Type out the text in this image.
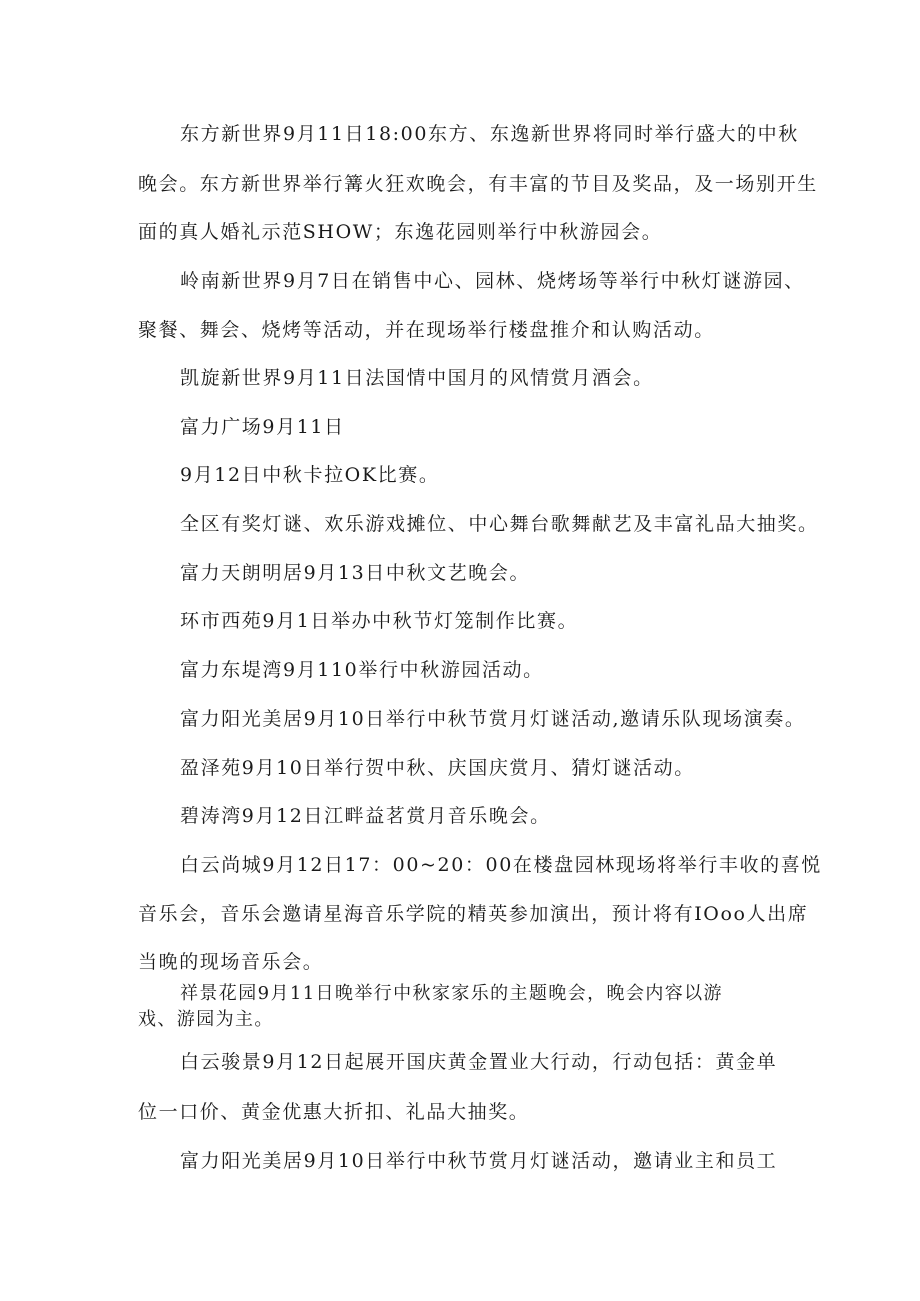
东方新世界9月11日18:00东方、东逸新世界将同时举行盛大的中秋
晚会。东方新世界举行篝火狂欢晚会，有丰富的节目及奖品，及一场别开生
面的真人婚礼示范SHOW；东逸花园则举行中秋游园会。
岭南新世界9月7日在销售中心、园林、烧烤场等举行中秋灯谜游园、
聚餐、舞会、烧烤等活动，并在现场举行楼盘推介和认购活动。
凯旋新世界9月11日法国情中国月的风情赏月酒会。
富力广场9月11日
9月12日中秋卡拉OK比赛。
全区有奖灯谜、欢乐游戏摊位、中心舞台歌舞献艺及丰富礼品大抽奖。
富力天朗明居9月13日中秋文艺晚会。
环市西苑9月1日举办中秋节灯笼制作比赛。
富力东堤湾9月110举行中秋游园活动。
富力阳光美居9月10日举行中秋节赏月灯谜活动,邀请乐队现场演奏。
盈泽苑9月10日举行贺中秋、庆国庆赏月、猜灯谜活动。
碧涛湾9月12日江畔益茗赏月音乐晚会。
白云尚城9月12日17：00~20：00在楼盘园林现场将举行丰收的喜悦
音乐会，音乐会邀请星海音乐学院的精英参加演出，预计将有IOoo人出席
当晚的现场音乐会。
祥景花园9月11日晚举行中秋家家乐的主题晚会，晚会内容以游
戏、游园为主。
白云骏景9月12日起展开国庆黄金置业大行动，行动包括：黄金单
位一口价、黄金优惠大折扣、礼品大抽奖。
富力阳光美居9月10日举行中秋节赏月灯谜活动，邀请业主和员工
